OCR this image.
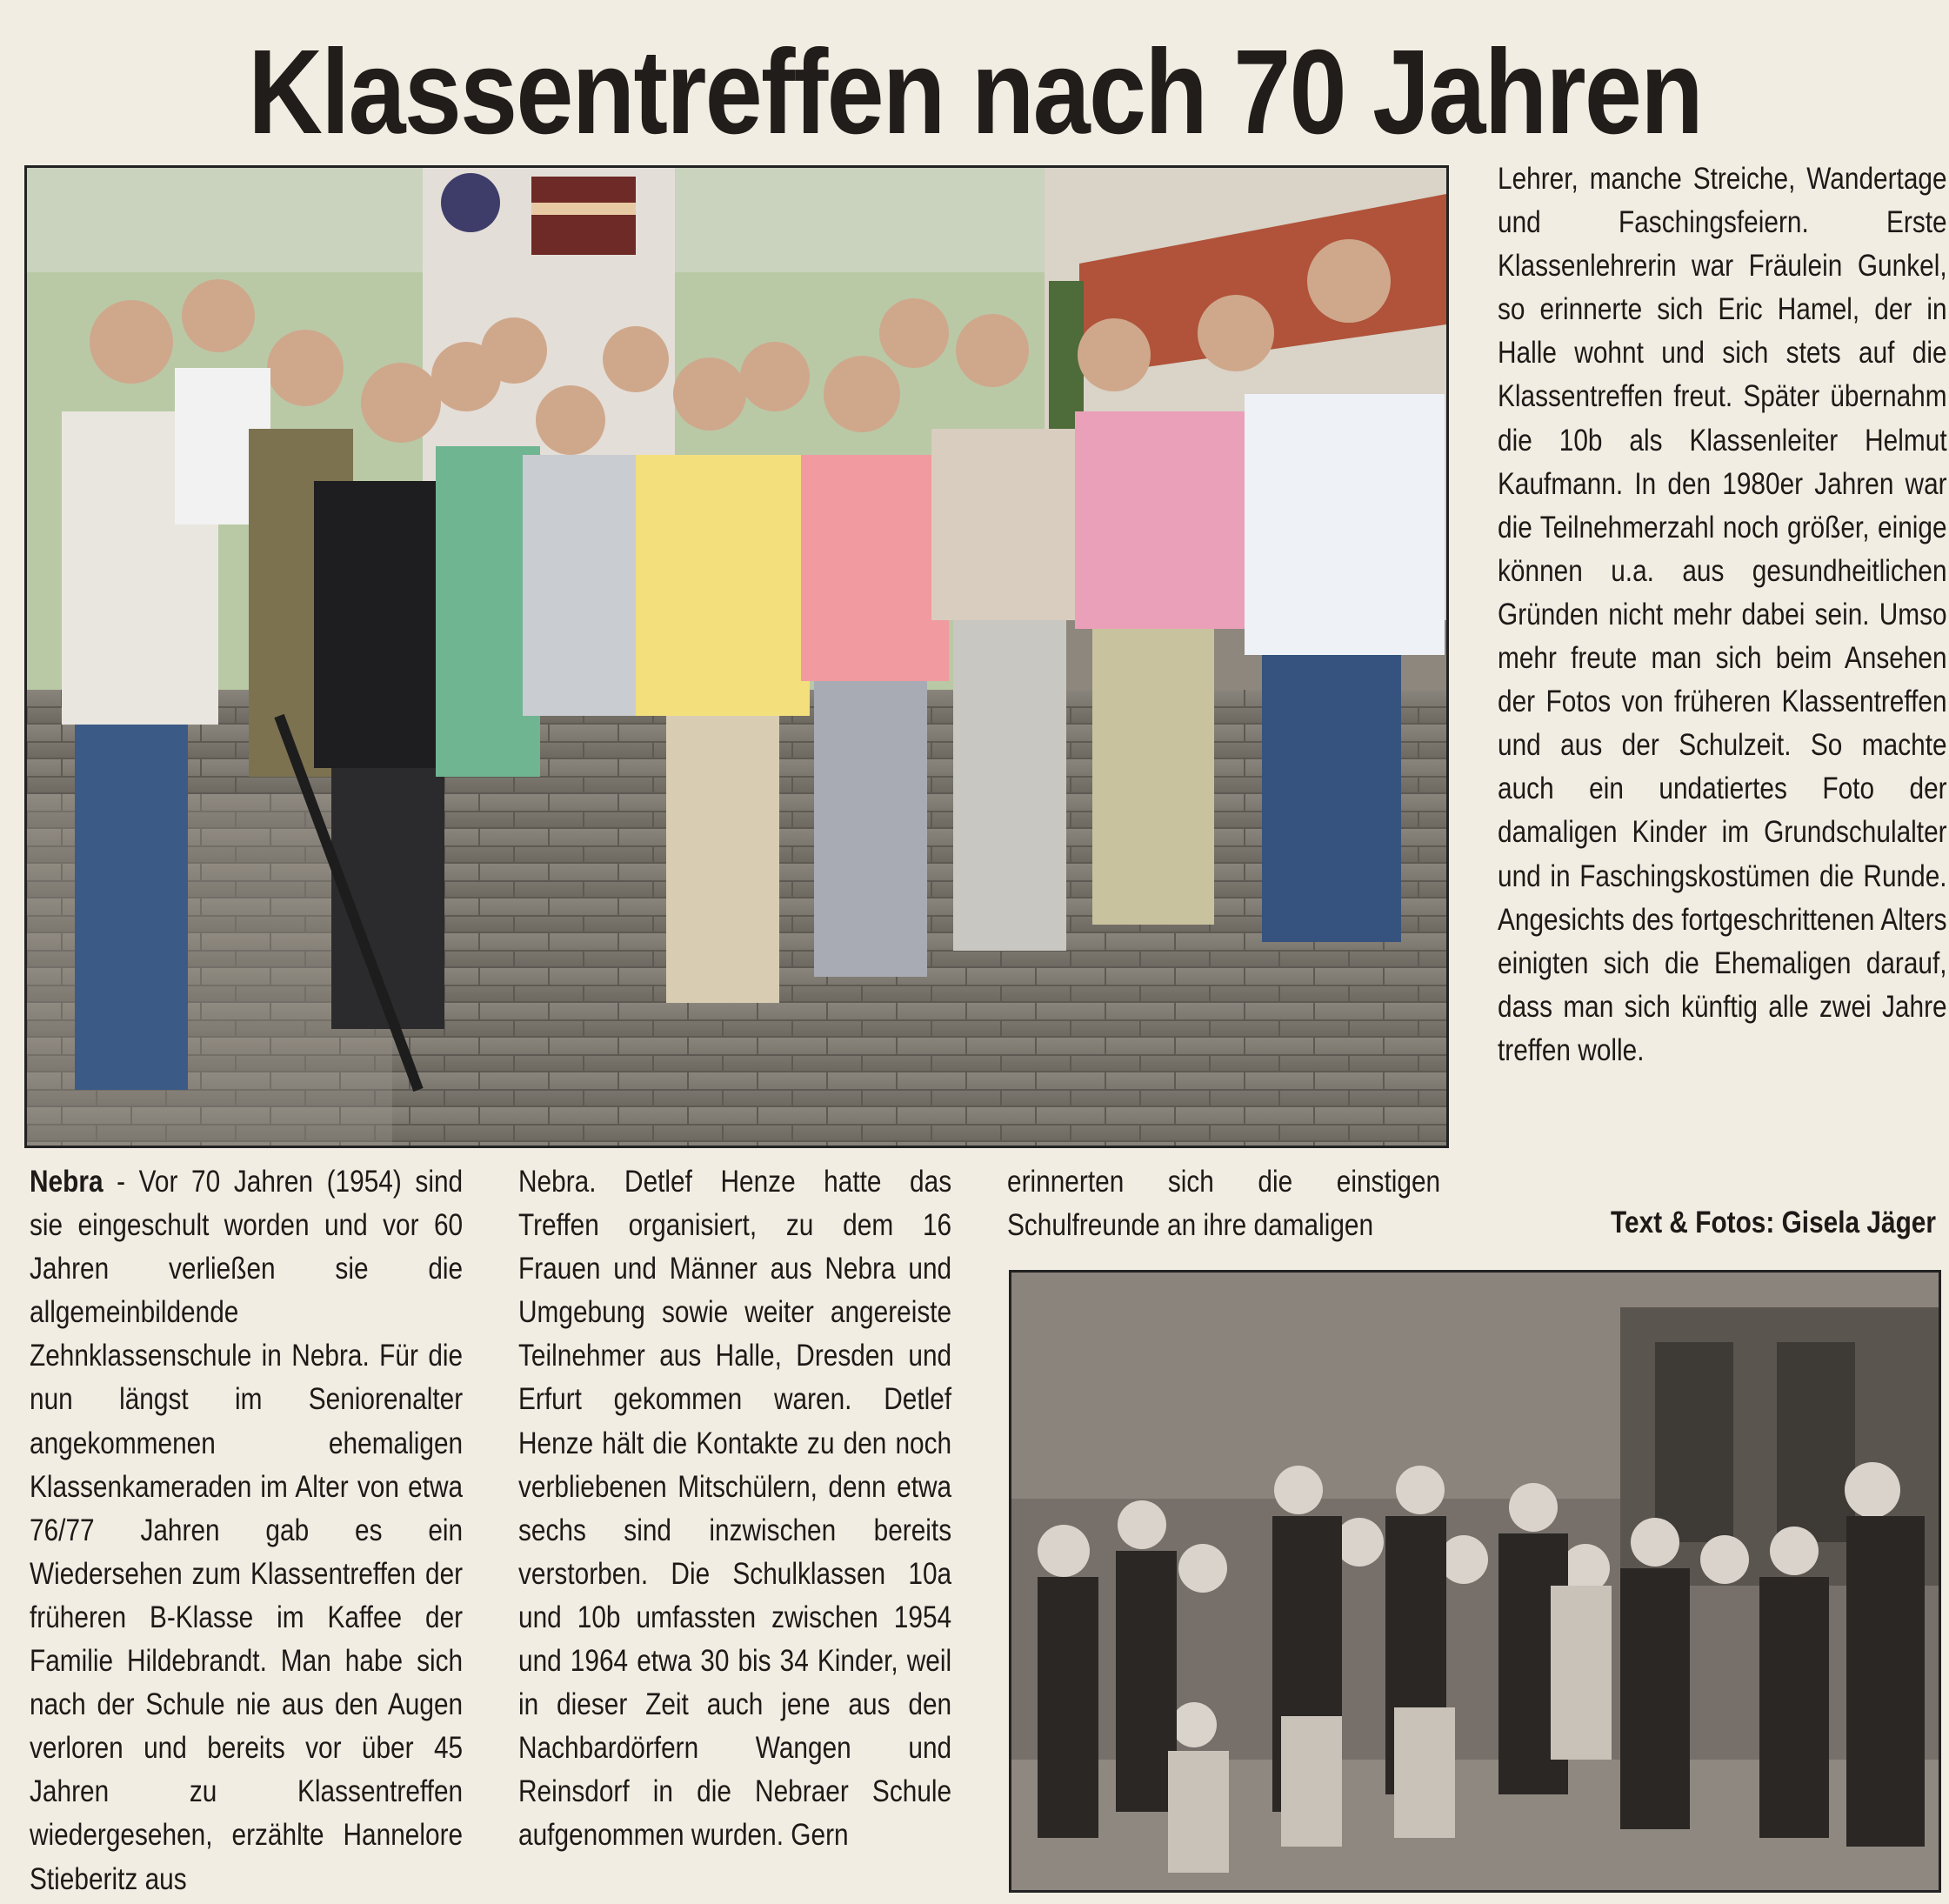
Klassentreffen nach 70 Jahren
Nebra - Vor 70 Jahren (1954) sind sie eingeschult worden und vor 60 Jahren verließen sie die allgemeinbildende Zehnklassenschule in Nebra. Für die nun längst im Seniorenalter angekommenen ehemaligen Klassenkameraden im Alter von etwa 76/77 Jahren gab es ein Wiedersehen zum Klassentreffen der früheren B-Klasse im Kaffee der Familie Hildebrandt. Man habe sich nach der Schule nie aus den Augen verloren und bereits vor über 45 Jahren zu Klassentreffen wiedergesehen, erzählte Hannelore Stieberitz aus
Nebra. Detlef Henze hatte das Treffen organisiert, zu dem 16 Frauen und Männer aus Nebra und Umgebung sowie weiter angereiste Teilnehmer aus Halle, Dresden und Erfurt gekommen waren. Detlef Henze hält die Kontakte zu den noch verbliebenen Mitschülern, denn etwa sechs sind inzwischen bereits verstorben. Die Schulklassen 10a und 10b umfassten zwischen 1954 und 1964 etwa 30 bis 34 Kinder, weil in dieser Zeit auch jene aus den Nachbardörfern Wangen und Reinsdorf in die Nebraer Schule aufgenommen wurden. Gern
erinnerten sich die einstigen Schulfreunde an ihre damaligen
Lehrer, manche Streiche, Wandertage und Faschingsfeiern. Erste Klassenlehrerin war Fräulein Gunkel, so erinnerte sich Eric Hamel, der in Halle wohnt und sich stets auf die Klassentreffen freut. Später übernahm die 10b als Klassenleiter Helmut Kaufmann. In den 1980er Jahren war die Teilnehmerzahl noch größer, einige können u.a. aus gesundheitlichen Gründen nicht mehr dabei sein. Umso mehr freute man sich beim Ansehen der Fotos von früheren Klassentreffen und aus der Schulzeit. So machte auch ein undatiertes Foto der damaligen Kinder im Grundschulalter und in Faschingskostümen die Runde. Angesichts des fortgeschrittenen Alters einigten sich die Ehemaligen darauf, dass man sich künftig alle zwei Jahre treffen wolle.
Text & Fotos: Gisela Jäger
